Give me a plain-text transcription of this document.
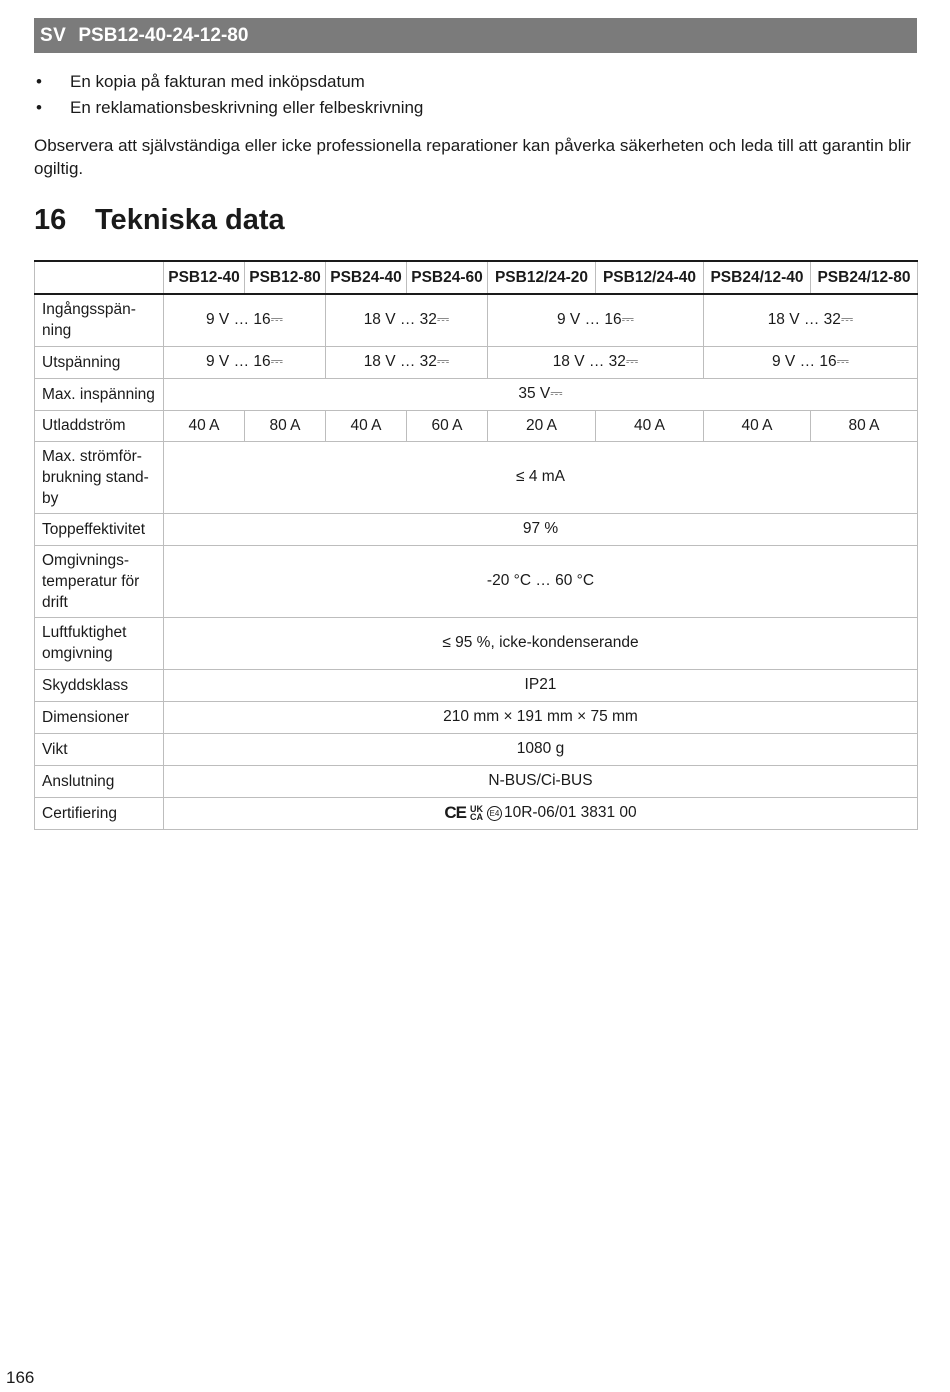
SV PSB12-40-24-12-80
• En kopia på fakturan med inköpsdatum
• En reklamationsbeskrivning eller felbeskrivning

Observera att självständiga eller icke professionella reparationer kan påverka säkerheten och leda till att garantin blir ogiltig.

16 Tekniska data
	PSB12-40	PSB12-80	PSB24-40	PSB24-60	PSB12/24-20	PSB12/24-40	PSB24/12-40	PSB24/12-80
Ingångsspän-ning	9 V … 16⎓		18 V … 32⎓		9 V … 16⎓		18 V … 32⎓	
Utspänning	9 V … 16⎓		18 V … 32⎓		18 V … 32⎓		9 V … 16⎓	
Max. inspänning	35 V⎓							
Utladdström	40 A	80 A	40 A	60 A	20 A	40 A	40 A	80 A
Max. strömför-brukning stand-by	≤ 4 mA							
Toppeffektivitet	97 %							
Omgivnings-temperatur för drift	-20 °C … 60 °C							
Luftfuktighet omgivning	≤ 95 %, icke-kondenserande							
Skyddsklass	IP21							
Dimensioner	210 mm × 191 mm × 75 mm							
Vikt	1080 g							
Anslutning	N-BUS/Ci-BUS							
Certifiering	CE UK
CA E4 10R-06/01 3831 00							
166
